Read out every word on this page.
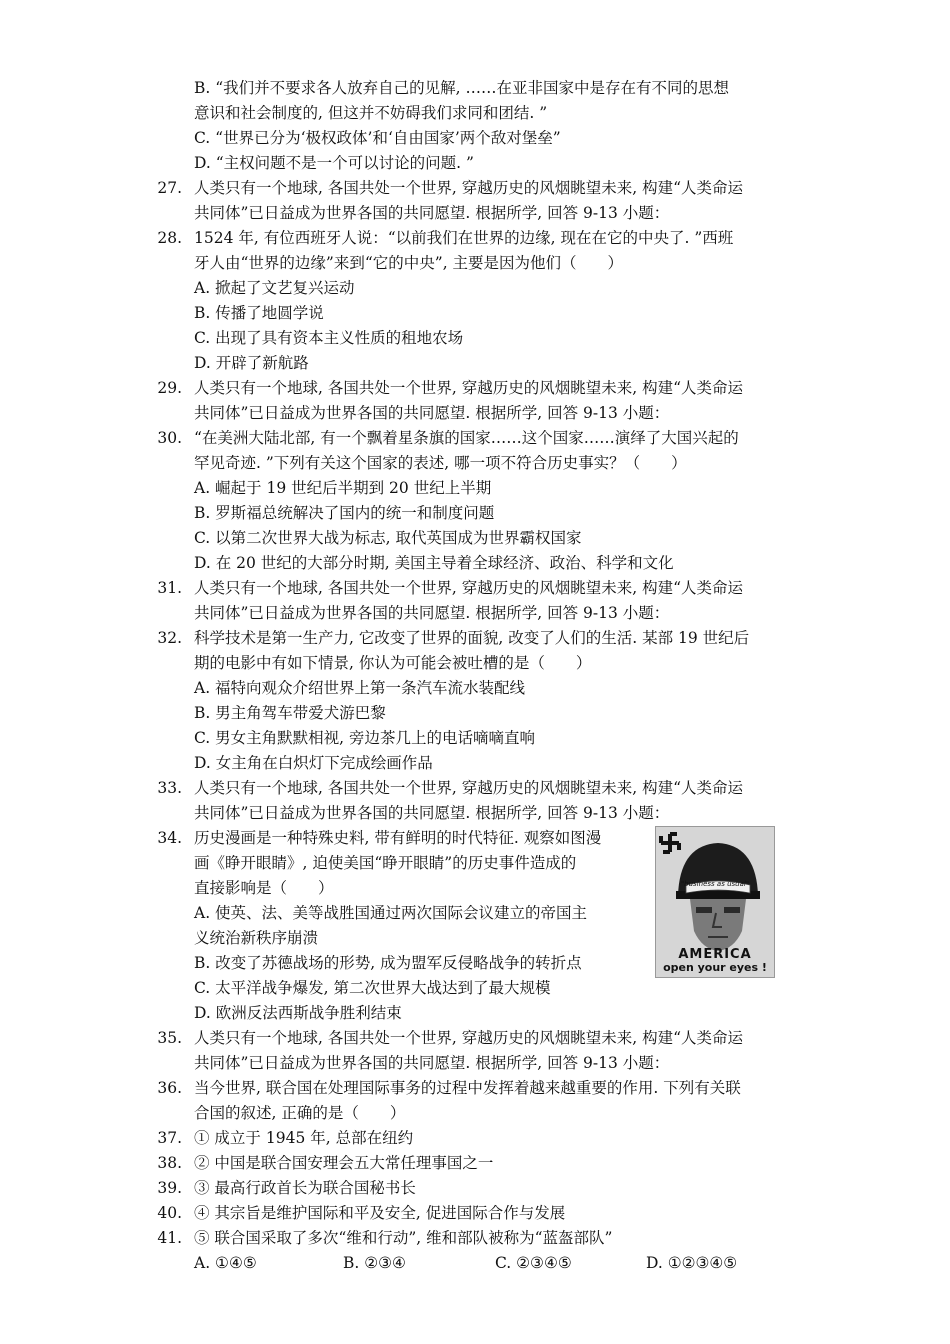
B. “我们并不要求各人放弃自己的见解, ……在亚非国家中是存在有不同的思想
意识和社会制度的, 但这并不妨碍我们求同和团结. ”
C. “世界已分为‘极权政体’和‘自由国家’两个敌对堡垒”
D. “主权问题不是一个可以讨论的问题. ”
27. 人类只有一个地球, 各国共处一个世界, 穿越历史的风烟眺望未来, 构建“人类命运
共同体”已日益成为世界各国的共同愿望. 根据所学, 回答 9-13 小题：
28. 1524 年, 有位西班牙人说：“以前我们在世界的边缘, 现在在它的中央了. ”西班
牙人由“世界的边缘”来到“它的中央”, 主要是因为他们（　　）
A. 掀起了文艺复兴运动
B. 传播了地圆学说
C. 出现了具有资本主义性质的租地农场
D. 开辟了新航路
29. 人类只有一个地球, 各国共处一个世界, 穿越历史的风烟眺望未来, 构建“人类命运
共同体”已日益成为世界各国的共同愿望. 根据所学, 回答 9-13 小题：
30. “在美洲大陆北部, 有一个飘着星条旗的国家……这个国家……演绎了大国兴起的
罕见奇迹. ”下列有关这个国家的表述, 哪一项不符合历史事实？（　　）
A. 崛起于 19 世纪后半期到 20 世纪上半期
B. 罗斯福总统解决了国内的统一和制度问题
C. 以第二次世界大战为标志, 取代英国成为世界霸权国家
D. 在 20 世纪的大部分时期, 美国主导着全球经济、政治、科学和文化
31. 人类只有一个地球, 各国共处一个世界, 穿越历史的风烟眺望未来, 构建“人类命运
共同体”已日益成为世界各国的共同愿望. 根据所学, 回答 9-13 小题：
32. 科学技术是第一生产力, 它改变了世界的面貌, 改变了人们的生活. 某部 19 世纪后
期的电影中有如下情景, 你认为可能会被吐槽的是（　　）
A. 福特向观众介绍世界上第一条汽车流水装配线
B. 男主角驾车带爱犬游巴黎
C. 男女主角默默相视, 旁边茶几上的电话嘀嘀直响
D. 女主角在白炽灯下完成绘画作品
33. 人类只有一个地球, 各国共处一个世界, 穿越历史的风烟眺望未来, 构建“人类命运
共同体”已日益成为世界各国的共同愿望. 根据所学, 回答 9-13 小题：
34. 历史漫画是一种特殊史料, 带有鲜明的时代特征. 观察如图漫
画《睁开眼睛》, 迫使美国“睁开眼睛”的历史事件造成的
直接影响是（　　）
A. 使英、法、美等战胜国通过两次国际会议建立的帝国主
义统治新秩序崩溃
B. 改变了苏德战场的形势, 成为盟军反侵略战争的转折点
C. 太平洋战争爆发, 第二次世界大战达到了最大规模
D. 欧洲反法西斯战争胜利结束
"business as usual"
AMERICA
open your eyes !
35. 人类只有一个地球, 各国共处一个世界, 穿越历史的风烟眺望未来, 构建“人类命运
共同体”已日益成为世界各国的共同愿望. 根据所学, 回答 9-13 小题：
36. 当今世界, 联合国在处理国际事务的过程中发挥着越来越重要的作用. 下列有关联
合国的叙述, 正确的是（　　）
37. ① 成立于 1945 年, 总部在纽约
38. ② 中国是联合国安理会五大常任理事国之一
39. ③ 最高行政首长为联合国秘书长
40. ④ 其宗旨是维护国际和平及安全, 促进国际合作与发展
41. ⑤ 联合国采取了多次“维和行动”, 维和部队被称为“蓝盔部队”
A. ①④⑤	B. ②③④	C. ②③④⑤	D. ①②③④⑤
